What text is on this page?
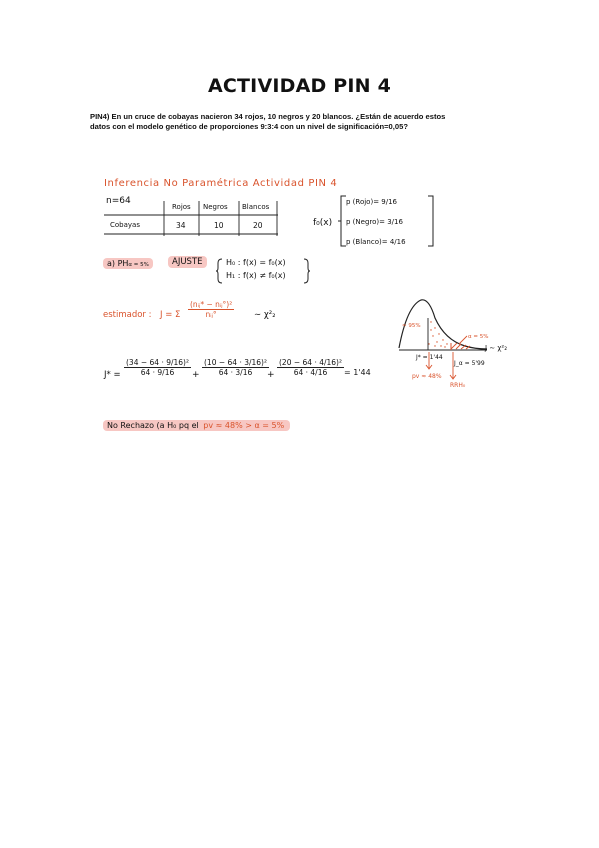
ACTIVIDAD PIN 4
PIN4) En un cruce de cobayas nacieron 34 rojos, 10 negros y 20 blancos. ¿Están de acuerdo estos
datos con el modelo genético de proporciones 9:3:4 con un nivel de significación=0,05?
Inferencia No Paramétrica Actividad PIN 4
n=64
Rojos Negros Blancos
Cobayas	34	10	20	f₀(x)
p (Rojo)= 9/16
p (Negro)= 3/16
p (Blanco)= 4/16
a) PHα = 5%	AJUSTE	H₀ : f(x) = f₀(x)
H₁ : f(x) ≠ f₀(x)
estimador : J = Σ
(nᵢⱼ* − nᵢⱼ°)²
nᵢⱼ°	∼ χ²₂
$J* = \frac{\text{(34 − 64 · 9/16)²}}{64 \cdot 9/16} + \frac{\text{(10 − 64 · 3/16)²}}{64 \cdot 3/16}$
+ $\frac{\text{(20 − 64 · 4/16)²}}{64 \cdot 4/16} = 1'44$
No Rechazo (a H₀ pq el pv ≈ 48% > α = 5%
≈ 95%
α = 5%
J* = 1'44
J_α = 5'99
pv ≈ 48%
RRH₀
J ∼ χ²₂
